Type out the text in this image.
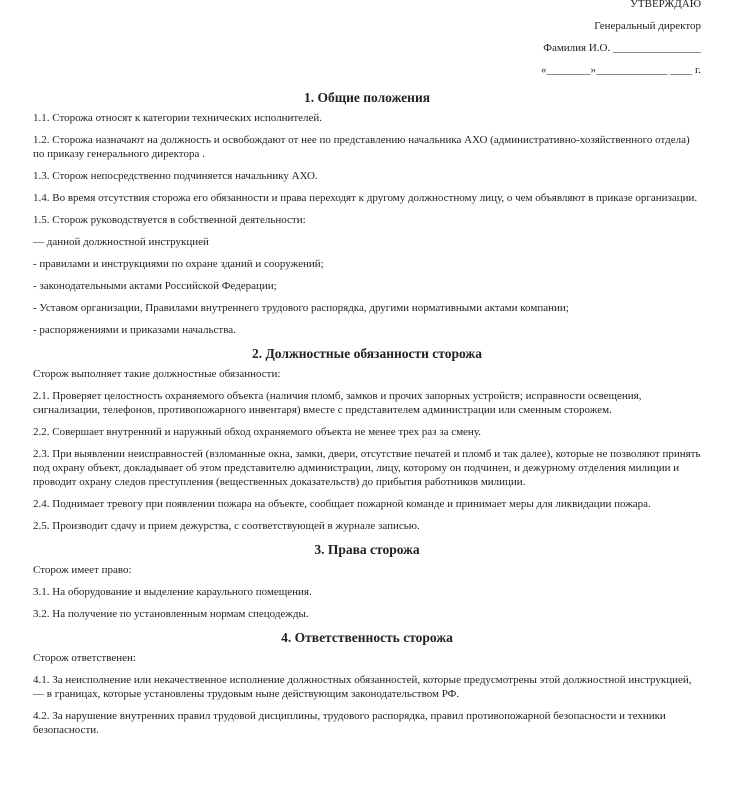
УТВЕРЖДАЮ
Генеральный директор
Фамилия И.О. ________________
«________»_____________ ____ г.
1. Общие положения

1.1. Сторожа относят к категории технических исполнителей.

1.2. Сторожа назначают на должность и освобождают от нее по представлению начальника АХО (административно-хозяйственного отдела) по приказу генерального директора .

1.3. Сторож непосредственно подчиняется начальнику АХО.

1.4. Во время отсутствия сторожа его обязанности и права переходят к другому должностному лицу, о чем объявляют в приказе организации.

1.5. Сторож руководствуется в собственной деятельности:

— данной должностной инструкцией

- правилами и инструкциями по охране зданий и сооружений;

- законодательными актами Российской Федерации;

- Уставом организации, Правилами внутреннего трудового распорядка, другими нормативными актами компании;

- распоряжениями и приказами начальства.

2. Должностные обязанности сторожа

Сторож выполняет такие должностные обязанности:

2.1. Проверяет целостность охраняемого объекта (наличия пломб, замков и прочих запорных устройств; исправности освещения, сигнализации, телефонов, противопожарного инвентаря) вместе с представителем администрации или сменным сторожем.

2.2. Совершает внутренний и наружный обход охраняемого объекта не менее трех раз за смену.

2.3. При выявлении неисправностей (взломанные окна, замки, двери, отсутствие печатей и пломб и так далее), которые не позволяют принять под охрану объект, докладывает об этом представителю администрации, лицу, которому он подчинен, и дежурному отделения милиции и проводит охрану следов преступления (вещественных доказательств) до прибытия работников милиции.

2.4. Поднимает тревогу при появлении пожара на объекте, сообщает пожарной команде и принимает меры для ликвидации пожара.

2.5. Производит сдачу и прием дежурства, с соответствующей в журнале записью.

3. Права сторожа

Сторож имеет право:

3.1. На оборудование и выделение караульного помещения.

3.2. На получение по установленным нормам спецодежды.

4. Ответственность сторожа

Сторож ответственен:

4.1. За неисполнение или некачественное исполнение должностных обязанностей, которые предусмотрены этой должностной инструкцией, — в границах, которые установлены трудовым ныне действующим законодательством РФ.

4.2. За нарушение внутренних правил трудовой дисциплины, трудового распорядка, правил противопожарной безопасности и техники безопасности.
